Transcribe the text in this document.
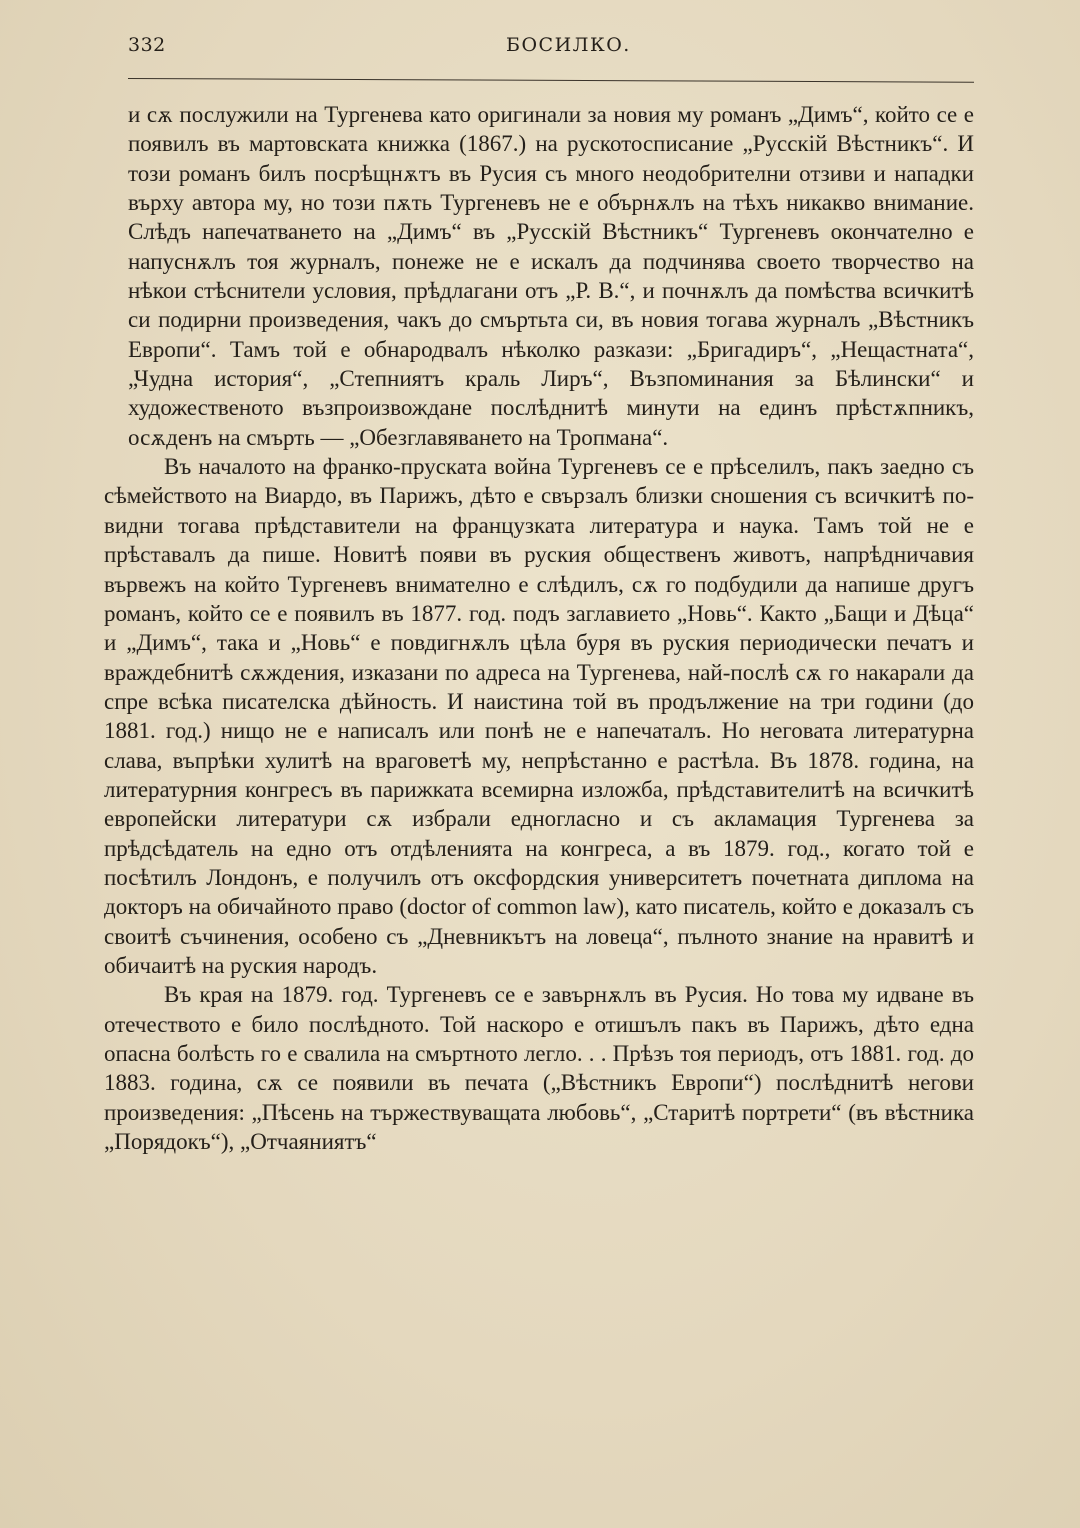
332	БОСИЛКО.

и сѫ послужили на Тургенева като оригинали за новия му романъ „Димъ“, който се е появилъ въ мартовската книжка (1867.) на рускотосписание „Русскій Вѣстникъ“. И този романъ билъ посрѣщнѫтъ въ Русия съ много неодобрителни отзиви и нападки върху автора му, но този пѫть Тургеневъ не е обърнѫлъ на тѣхъ никакво внимание. Слѣдъ напечатването на „Димъ“ въ „Русскій Вѣстникъ“ Тургеневъ окончателно е напуснѫлъ тоя журналъ, понеже не е искалъ да подчинява своето творчество на нѣкои стѣснители условия, прѣдлагани отъ „Р. В.“, и почнѫлъ да помѣства всичкитѣ си подирни произведения, чакъ до смъртьта си, въ новия тогава журналъ „Вѣстникъ Европи“. Тамъ той е обнародвалъ нѣколко разкази: „Бригадиръ“, „Нещастната“, „Чудна история“, „Степниятъ краль Лиръ“, Възпоминания за Бѣлински“ и художественото възпроизвождане послѣднитѣ минути на единъ прѣстѫпникъ, осѫденъ на смърть — „Обезглавяването на Тропмана“.

Въ началото на франко-пруската война Тургеневъ се е прѣселилъ, пакъ заедно съ сѣмейството на Виардо, въ Парижъ, дѣто е свързалъ близки сношения съ всичкитѣ по-видни тогава прѣдставители на французката литература и наука. Тамъ той не е прѣставалъ да пише. Новитѣ появи въ руския общественъ животъ, напрѣдничавия вървежъ на който Тургеневъ внимателно е слѣдилъ, сѫ го подбудили да напише другъ романъ, който се е появилъ въ 1877. год. подъ заглавието „Новь“. Както „Бащи и Дѣца“ и „Димъ“, така и „Новь“ е повдигнѫлъ цѣла буря въ руския периодически печатъ и враждебнитѣ сѫждения, изказани по адреса на Тургенева, най-послѣ сѫ го накарали да спре всѣка писателска дѣйность. И наистина той въ продължение на три години (до 1881. год.) нищо не е написалъ или понѣ не е напечаталъ. Но неговата литературна слава, въпрѣки хулитѣ на враговетѣ му, непрѣстанно е растѣла. Въ 1878. година, на литературния конгресъ въ парижката всемирна изложба, прѣдставителитѣ на всичкитѣ европейски литератури сѫ избрали едногласно и съ акламация Тургенева за прѣдсѣдатель на едно отъ отдѣленията на конгреса, а въ 1879. год., когато той е посѣтилъ Лондонъ, е получилъ отъ оксфордския университетъ почетната диплома на докторъ на обичайното право (doctor of common law), като писатель, който е доказалъ съ своитѣ съчинения, особено съ „Дневникътъ на ловеца“, пълното знание на нравитѣ и обичаитѣ на руския народъ.

Въ края на 1879. год. Тургеневъ се е завърнѫлъ въ Русия. Но това му идване въ отечеството е било послѣдното. Той наскоро е отишълъ пакъ въ Парижъ, дѣто една опасна болѣсть го е свалила на смъртното легло. . . Прѣзъ тоя периодъ, отъ 1881. год. до 1883. година, сѫ се появили въ печата („Вѣстникъ Европи“) послѣднитѣ негови произведения: „Пѣсень на тържествуващата любовь“, „Старитѣ портрети“ (въ вѣстника „Порядокъ“), „Отчаяниятъ“
